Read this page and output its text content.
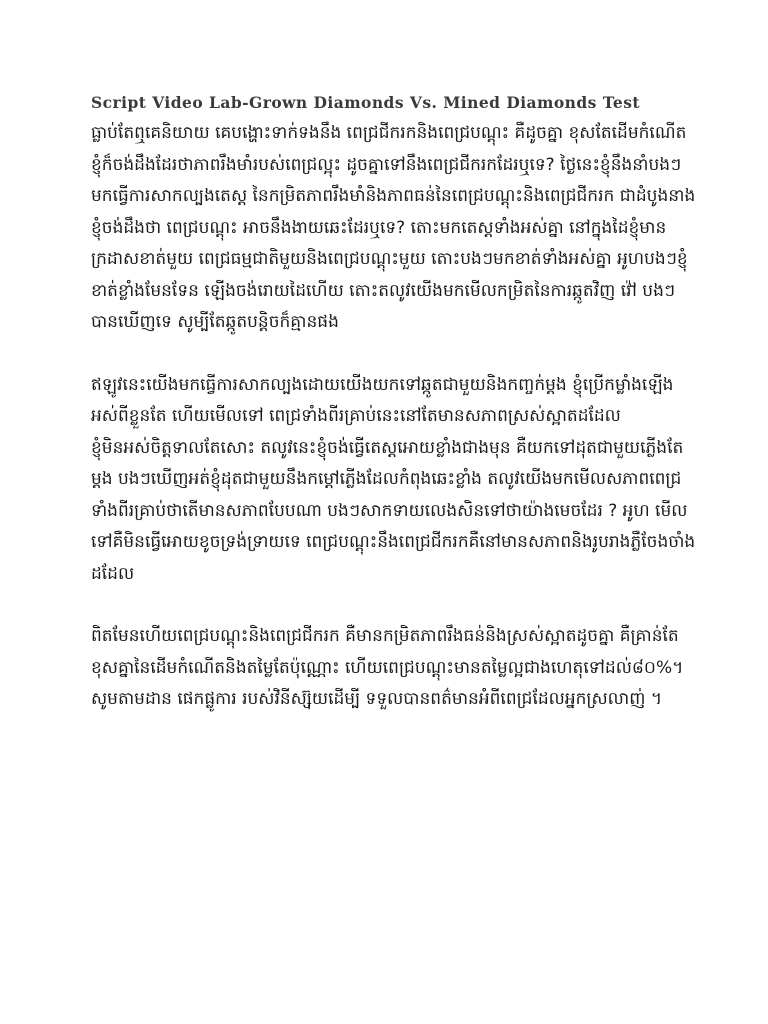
Script Video Lab-Grown Diamonds Vs. Mined Diamonds Test

ធ្លាប់តែឮគេនិយាយ គេបង្ហោះទាក់ទងនឹង ពេជ្រជីករកនិងពេជ្របណ្តុះ គឺដូចគ្នា ខុសតែដើមកំណើត ខ្ញុំក៏ចង់ដឹងដែរថាភាពរឹងមាំរបស់ពេជ្រល្អុះ ដូចគ្នាទៅនឹងពេជ្រជីករកដែរឬទេ? ថ្ងៃនេះខ្ញុំនឹងនាំបងៗ មកធ្វើការសាកល្បងតេស្ត នៃកម្រិតភាពរឹងមាំនិងភាពធន់នៃពេជ្របណ្តុះនិងពេជ្រជីករក ជាដំបូងនាងខ្ញុំចង់ដឹងថា ពេជ្របណ្តុះ អាចនឹងងាយឆេះដែរឬទេ? តោះមកតេស្តទាំងអស់គ្នា នៅក្នុងដៃខ្ញុំមានក្រដាសខាត់មួយ ពេជ្រធម្មជាតិមួយនិងពេជ្របណ្តុះមួយ តោះបងៗមកខាត់ទាំងអស់គ្នា អូហបងៗខ្ញុំខាត់ខ្លាំងមែនទែន ឡើងចង់រោយដៃហើយ តោះតលូវយើងមកមើលកម្រិតនៃការឆ្កូតវិញ វ៉ៅ បងៗបានឃើញទេ សូម្បីតែឆ្កូតបន្តិចក៏គ្មានផង

ឥឡូវនេះយើងមកធ្វើការសាកល្បងដោយយើងយកទៅឆ្កូតជាមួយនិងកញ្ចក់ម្តង ខ្ញុំប្រើកម្លាំងឡើងអស់ពីខ្លួនតែ ហើយមើលទៅ ពេជ្រទាំងពីរគ្រាប់នេះនៅតែមានសភាពស្រស់ស្អាតដដែល
ខ្ញុំមិនអស់ចិត្តទាលតែសោះ តលូវនេះខ្ញុំចង់ធ្វើតេស្តអោយខ្លាំងជាងមុន គឺយកទៅដុតជាមួយភ្លើងតែម្តង បងៗឃើញអត់ខ្ញុំដុតជាមួយនឹងកម្តៅភ្លើងដែលកំពុងឆេះខ្លាំង តលូវយើងមកមើលសភាពពេជ្រទាំងពីរគ្រាប់ថាតើមានសភាពបែបណា បងៗសាកទាយលេងសិនទៅថាយ៉ាងមេចដែរ ? អូហ មើលទៅគឺមិនធ្វើអោយខូចទ្រង់ទ្រាយទេ ពេជ្របណ្តុះនឹងពេជ្រជីករកគឺនៅមានសភាពនិងរូបរាងភ្លឺចែងចាំងដដែល

ពិតមែនហើយពេជ្របណ្តុះនិងពេជ្រជីករក គឺមានកម្រិតភាពរឹងធន់និងស្រស់ស្អាតដូចគ្នា គឺគ្រាន់តែខុសគ្នានៃដើមកំណើតនិងតម្លៃតែប៉ុណ្ណោះ ហើយពេជ្របណ្តុះមានតម្លៃល្អជាងហេតុទៅដល់៨០%។ សូមតាមដាន ផេកផ្លូការ របស់វិនីស្ស៊ុយដើម្បី ទទួលបានពត៌មានអំពីពេជ្រដែលអ្នកស្រលាញ់ ។
